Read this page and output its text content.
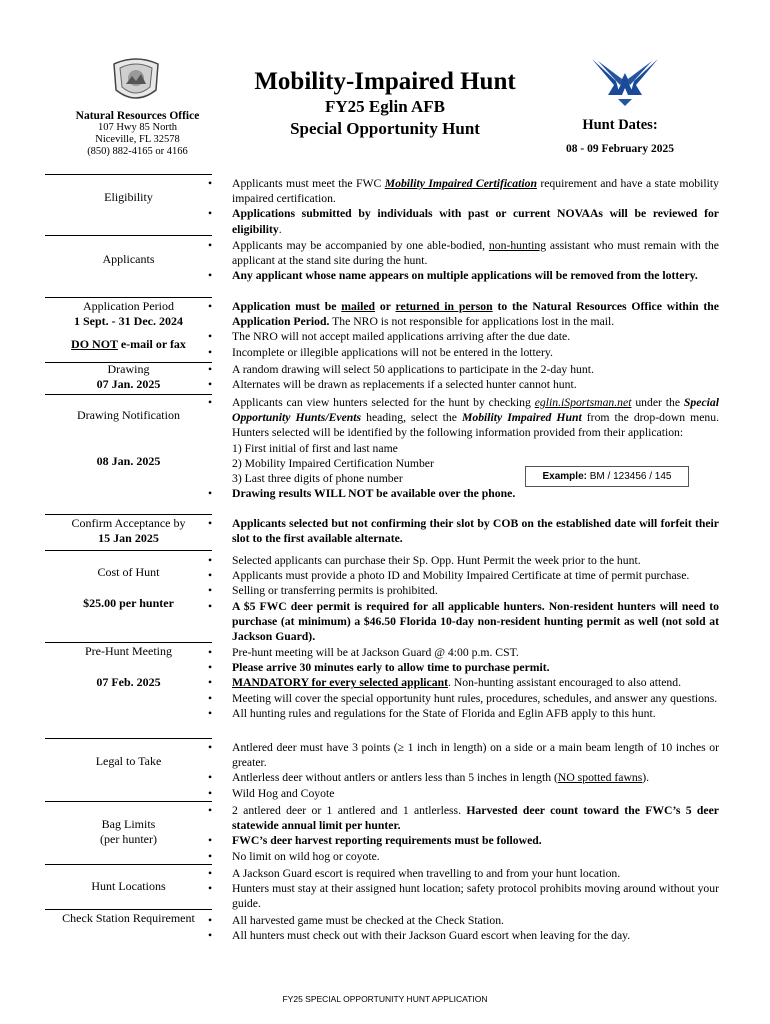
Mobility-Impaired Hunt
FY25 Eglin AFB
Special Opportunity Hunt
Natural Resources Office
107 Hwy 85 North
Niceville, FL 32578
(850) 882-4165 or 4166
Hunt Dates:
08 - 09 February 2025
Eligibility
Applicants
Application Period
1 Sept. - 31 Dec. 2024
DO NOT e-mail or fax
Drawing
07 Jan. 2025
Drawing Notification
08 Jan. 2025
Confirm Acceptance by
15 Jan 2025
Cost of Hunt
$25.00 per hunter
Pre-Hunt Meeting
07 Feb. 2025
Legal to Take
Bag Limits
(per hunter)
Hunt Locations
Check Station Requirement
• Applicants must meet the FWC Mobility Impaired Certification requirement and have a state mobility impaired certification.
• Applications submitted by individuals with past or current NOVAAs will be reviewed for eligibility.
• Applicants may be accompanied by one able-bodied, non-hunting assistant who must remain with the applicant at the stand site during the hunt.
• Any applicant whose name appears on multiple applications will be removed from the lottery.
• Application must be mailed or returned in person to the Natural Resources Office within the Application Period. The NRO is not responsible for applications lost in the mail.
• The NRO will not accept mailed applications arriving after the due date.
• Incomplete or illegible applications will not be entered in the lottery.
• A random drawing will select 50 applications to participate in the 2-day hunt.
• Alternates will be drawn as replacements if a selected hunter cannot hunt.
• Applicants can view hunters selected for the hunt by checking eglin.iSportsman.net under the Special Opportunity Hunts/Events heading, select the Mobility Impaired Hunt from the drop-down menu. Hunters selected will be identified by the following information provided from their application:
1) First initial of first and last name
2) Mobility Impaired Certification Number
3) Last three digits of phone number
• Drawing results WILL NOT be available over the phone.
Example: BM / 123456 / 145
• Applicants selected but not confirming their slot by COB on the established date will forfeit their slot to the first available alternate.
• Selected applicants can purchase their Sp. Opp. Hunt Permit the week prior to the hunt.
• Applicants must provide a photo ID and Mobility Impaired Certificate at time of permit purchase.
• Selling or transferring permits is prohibited.
• A $5 FWC deer permit is required for all applicable hunters. Non-resident hunters will need to purchase (at minimum) a $46.50 Florida 10-day non-resident hunting permit as well (not sold at Jackson Guard).
• Pre-hunt meeting will be at Jackson Guard @ 4:00 p.m. CST.
• Please arrive 30 minutes early to allow time to purchase permit.
• MANDATORY for every selected applicant. Non-hunting assistant encouraged to also attend.
• Meeting will cover the special opportunity hunt rules, procedures, schedules, and answer any questions.
• All hunting rules and regulations for the State of Florida and Eglin AFB apply to this hunt.
• Antlered deer must have 3 points (≥ 1 inch in length) on a side or a main beam length of 10 inches or greater.
• Antlerless deer without antlers or antlers less than 5 inches in length (NO spotted fawns).
• Wild Hog and Coyote
• 2 antlered deer or 1 antlered and 1 antlerless. Harvested deer count toward the FWC’s 5 deer statewide annual limit per hunter.
• FWC’s deer harvest reporting requirements must be followed.
• No limit on wild hog or coyote.
• A Jackson Guard escort is required when travelling to and from your hunt location.
• Hunters must stay at their assigned hunt location; safety protocol prohibits moving around without your guide.
• All harvested game must be checked at the Check Station.
• All hunters must check out with their Jackson Guard escort when leaving for the day.
FY25 SPECIAL OPPORTUNITY HUNT APPLICATION
